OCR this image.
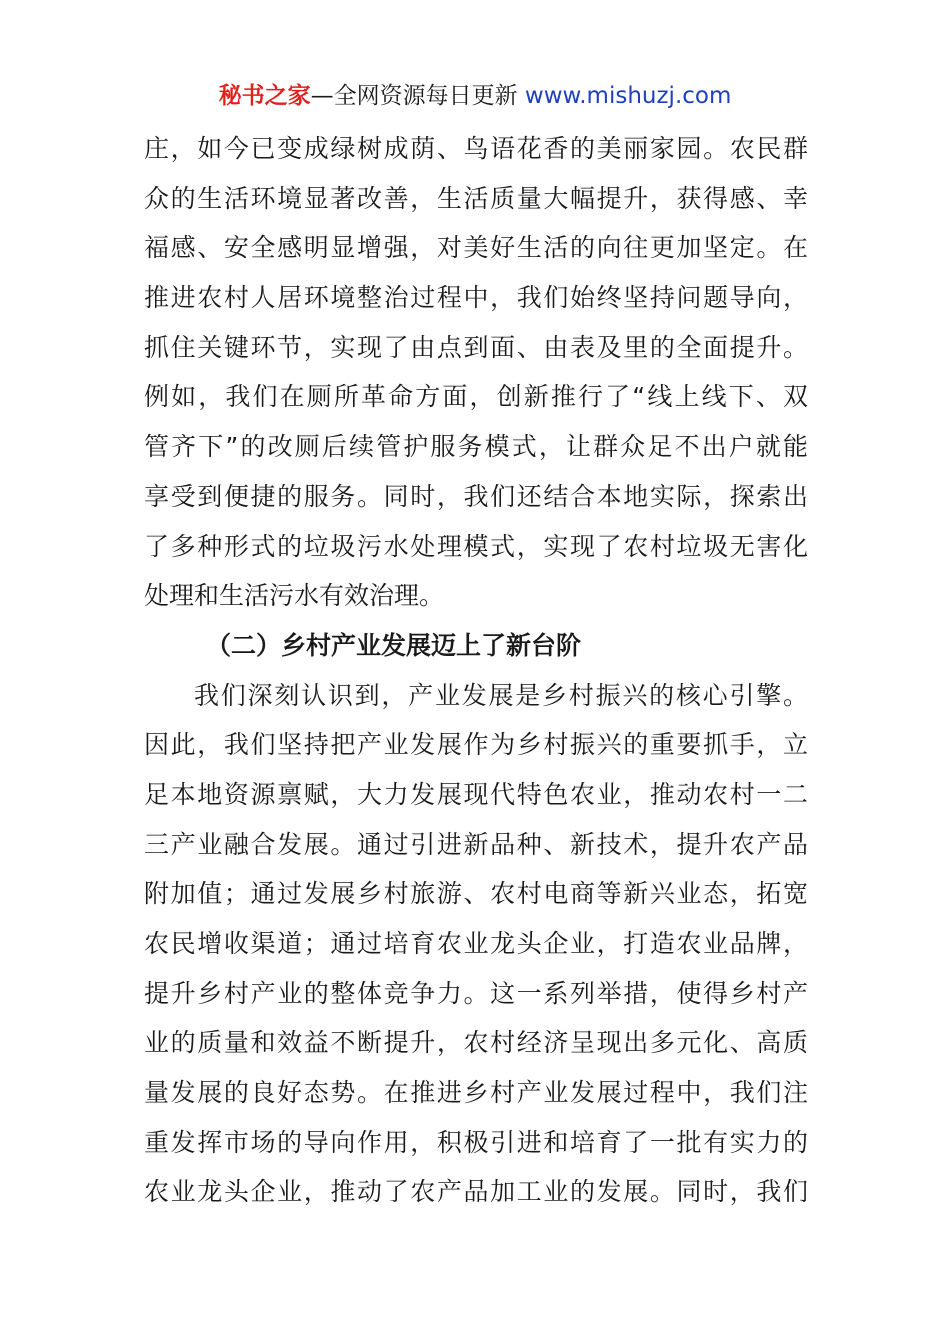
秘书之家—全网资源每日更新 www.mishuzj.com
庄，如今已变成绿树成荫、鸟语花香的美丽家园。农民群
众的生活环境显著改善，生活质量大幅提升，获得感、幸
福感、安全感明显增强，对美好生活的向往更加坚定。在
推进农村人居环境整治过程中，我们始终坚持问题导向，
抓住关键环节，实现了由点到面、由表及里的全面提升。
例如，我们在厕所革命方面，创新推行了“线上线下、双
管齐下”的改厕后续管护服务模式，让群众足不出户就能
享受到便捷的服务。同时，我们还结合本地实际，探索出
了多种形式的垃圾污水处理模式，实现了农村垃圾无害化
处理和生活污水有效治理。
（二）乡村产业发展迈上了新台阶
我们深刻认识到，产业发展是乡村振兴的核心引擎。
因此，我们坚持把产业发展作为乡村振兴的重要抓手，立
足本地资源禀赋，大力发展现代特色农业，推动农村一二
三产业融合发展。通过引进新品种、新技术，提升农产品
附加值；通过发展乡村旅游、农村电商等新兴业态，拓宽
农民增收渠道；通过培育农业龙头企业，打造农业品牌，
提升乡村产业的整体竞争力。这一系列举措，使得乡村产
业的质量和效益不断提升，农村经济呈现出多元化、高质
量发展的良好态势。在推进乡村产业发展过程中，我们注
重发挥市场的导向作用，积极引进和培育了一批有实力的
农业龙头企业，推动了农产品加工业的发展。同时，我们
